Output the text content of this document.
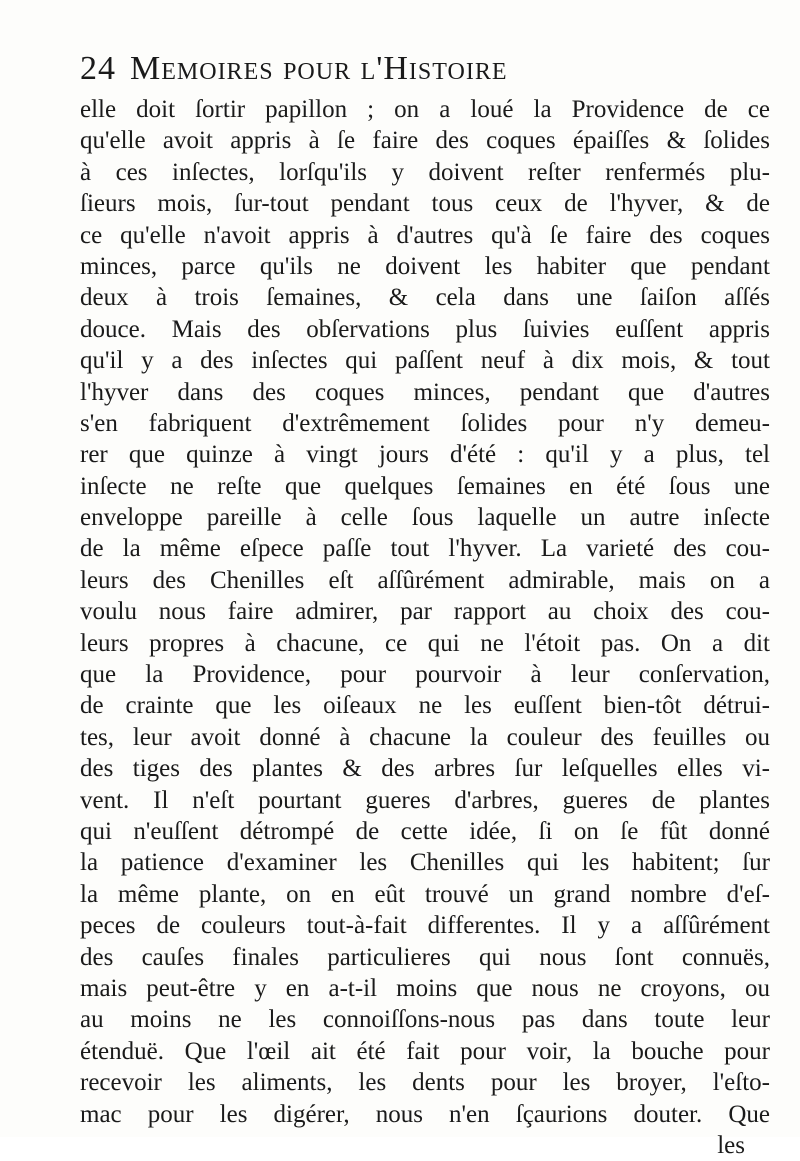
24 Memoires pour l'Histoire
elle doit ſortir papillon ; on a loué la Providence de ce
qu'elle avoit appris à ſe faire des coques épaiſſes & ſolides
à ces inſectes, lorſqu'ils y doivent reſter renfermés plu-
ſieurs mois, ſur-tout pendant tous ceux de l'hyver, & de
ce qu'elle n'avoit appris à d'autres qu'à ſe faire des coques
minces, parce qu'ils ne doivent les habiter que pendant
deux à trois ſemaines, & cela dans une ſaiſon aſſés
douce. Mais des obſervations plus ſuivies euſſent appris
qu'il y a des inſectes qui paſſent neuf à dix mois, & tout
l'hyver dans des coques minces, pendant que d'autres
s'en fabriquent d'extrêmement ſolides pour n'y demeu-
rer que quinze à vingt jours d'été : qu'il y a plus, tel
inſecte ne reſte que quelques ſemaines en été ſous une
enveloppe pareille à celle ſous laquelle un autre inſecte
de la même eſpece paſſe tout l'hyver. La varieté des cou-
leurs des Chenilles eſt aſſûrément admirable, mais on a
voulu nous faire admirer, par rapport au choix des cou-
leurs propres à chacune, ce qui ne l'étoit pas. On a dit
que la Providence, pour pourvoir à leur conſervation,
de crainte que les oiſeaux ne les euſſent bien-tôt détrui-
tes, leur avoit donné à chacune la couleur des feuilles ou
des tiges des plantes & des arbres ſur leſquelles elles vi-
vent. Il n'eſt pourtant gueres d'arbres, gueres de plantes
qui n'euſſent détrompé de cette idée, ſi on ſe fût donné
la patience d'examiner les Chenilles qui les habitent; ſur
la même plante, on en eût trouvé un grand nombre d'eſ-
peces de couleurs tout-à-fait differentes. Il y a aſſûrément
des cauſes finales particulieres qui nous ſont connuës,
mais peut-être y en a-t-il moins que nous ne croyons, ou
au moins ne les connoiſſons-nous pas dans toute leur
étenduë. Que l'œil ait été fait pour voir, la bouche pour
recevoir les aliments, les dents pour les broyer, l'eſto-
mac pour les digérer, nous n'en ſçaurions douter. Que
les
